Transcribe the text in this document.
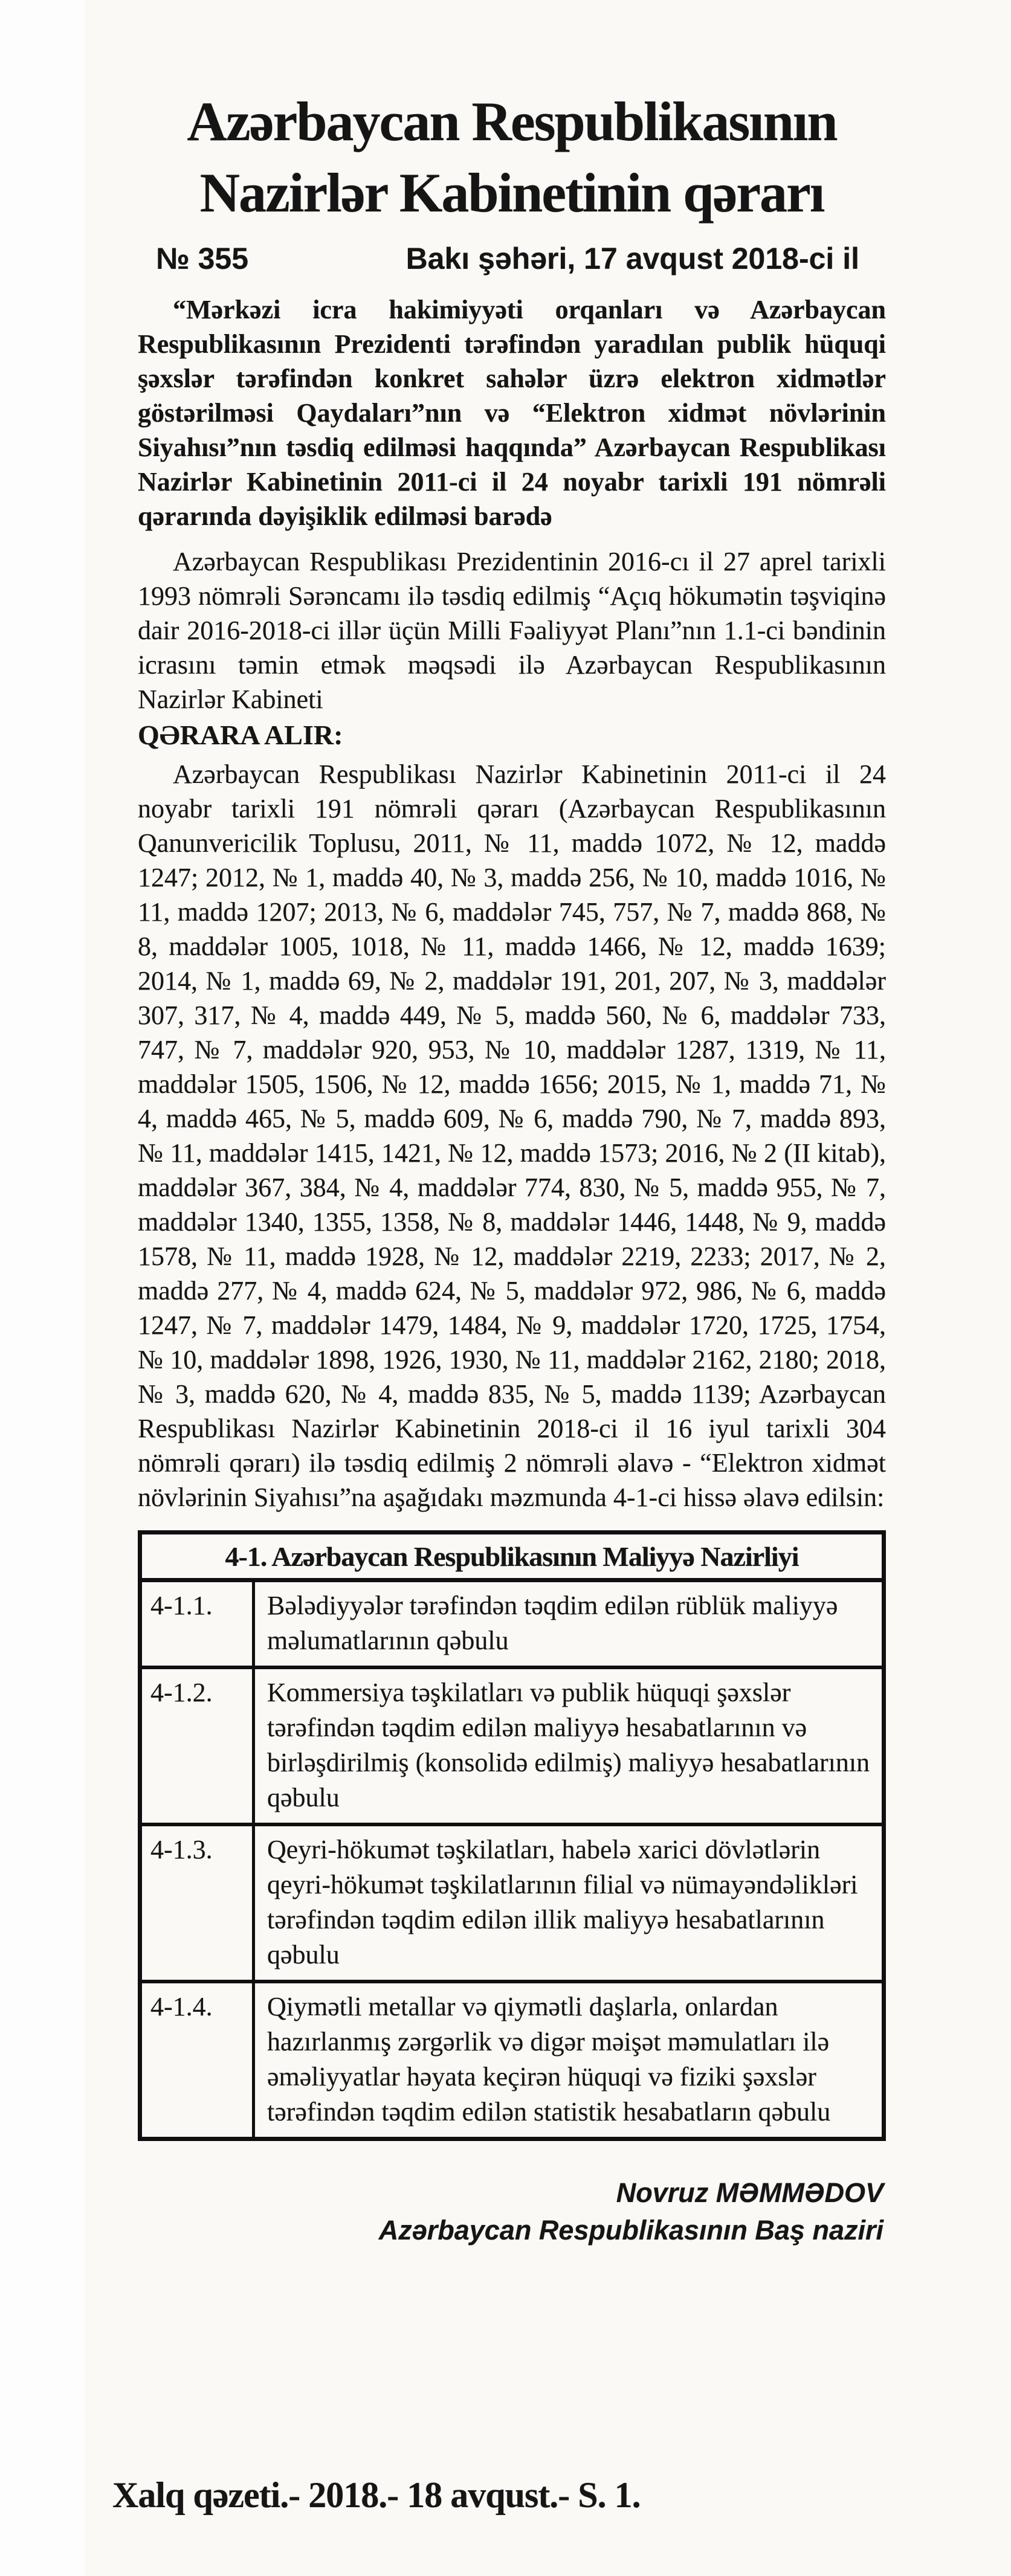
Azərbaycan Respublikasının
Nazirlər Kabinetinin qərarı
№ 355	Bakı şəhəri, 17 avqust 2018-ci il
“Mərkəzi icra hakimiyyəti orqanları və Azərbaycan Respublikasının Prezidenti tərəfindən yaradılan publik hüquqi şəxslər tərəfindən konkret sahələr üzrə elektron xidmətlər göstərilməsi Qaydaları”nın və “Elektron xidmət növlərinin Siyahısı”nın təsdiq edilməsi haqqında” Azərbaycan Respublikası Nazirlər Kabinetinin 2011-ci il 24 noyabr tarixli 191 nömrəli qərarında dəyişiklik edilməsi barədə
Azərbaycan Respublikası Prezidentinin 2016-cı il 27 aprel tarixli 1993 nömrəli Sərəncamı ilə təsdiq edilmiş “Açıq hökumətin təşviqinə dair 2016-2018-ci illər üçün Milli Fəaliyyət Planı”nın 1.1-ci bəndinin icrasını təmin etmək məqsədi ilə Azərbaycan Respublikasının Nazirlər Kabineti
QƏRARA ALIR:
Azərbaycan Respublikası Nazirlər Kabinetinin 2011-ci il 24 noyabr tarixli 191 nömrəli qərarı (Azərbaycan Respublikasının Qanunvericilik Toplusu, 2011, № 11, maddə 1072, № 12, maddə 1247; 2012, № 1, maddə 40, № 3, maddə 256, № 10, maddə 1016, № 11, maddə 1207; 2013, № 6, maddələr 745, 757, № 7, maddə 868, № 8, maddələr 1005, 1018, № 11, maddə 1466, № 12, maddə 1639; 2014, № 1, maddə 69, № 2, maddələr 191, 201, 207, № 3, maddələr 307, 317, № 4, maddə 449, № 5, maddə 560, № 6, maddələr 733, 747, № 7, maddələr 920, 953, № 10, maddələr 1287, 1319, № 11, maddələr 1505, 1506, № 12, maddə 1656; 2015, № 1, maddə 71, № 4, maddə 465, № 5, maddə 609, № 6, maddə 790, № 7, maddə 893, № 11, maddələr 1415, 1421, № 12, maddə 1573; 2016, № 2 (II kitab), maddələr 367, 384, № 4, maddələr 774, 830, № 5, maddə 955, № 7, maddələr 1340, 1355, 1358, № 8, maddələr 1446, 1448, № 9, maddə 1578, № 11, maddə 1928, № 12, maddələr 2219, 2233; 2017, № 2, maddə 277, № 4, maddə 624, № 5, maddələr 972, 986, № 6, maddə 1247, № 7, maddələr 1479, 1484, № 9, maddələr 1720, 1725, 1754, № 10, maddələr 1898, 1926, 1930, № 11, maddələr 2162, 2180; 2018, № 3, maddə 620, № 4, maddə 835, № 5, maddə 1139; Azərbaycan Respublikası Nazirlər Kabinetinin 2018-ci il 16 iyul tarixli 304 nömrəli qərarı) ilə təsdiq edilmiş 2 nömrəli əlavə - “Elektron xidmət növlərinin Siyahısı”na aşağıdakı məzmunda 4-1-ci hissə əlavə edilsin:
4-1. Azərbaycan Respublikasının Maliyyə Nazirliyi	
4-1.1.	Bələdiyyələr tərəfindən təqdim edilən rüblük maliyyə məlumatlarının qəbulu
4-1.2.	Kommersiya təşkilatları və publik hüquqi şəxslər tərəfindən təqdim edilən maliyyə hesabatlarının və birləşdirilmiş (konsolidə edilmiş) maliyyə hesabatlarının qəbulu
4-1.3.	Qeyri-hökumət təşkilatları, habelə xarici dövlətlərin qeyri-hökumət təşkilatlarının filial və nümayəndəlikləri tərəfindən təqdim edilən illik maliyyə hesabatlarının qəbulu
4-1.4.	Qiymətli metallar və qiymətli daşlarla, onlardan hazırlanmış zərgərlik və digər məişət məmulatları ilə əməliyyatlar həyata keçirən hüquqi və fiziki şəxslər tərəfindən təqdim edilən statistik hesabatların qəbulu
Novruz MƏMMƏDOV
Azərbaycan Respublikasının Baş naziri
Xalq qəzeti.- 2018.- 18 avqust.- S. 1.
